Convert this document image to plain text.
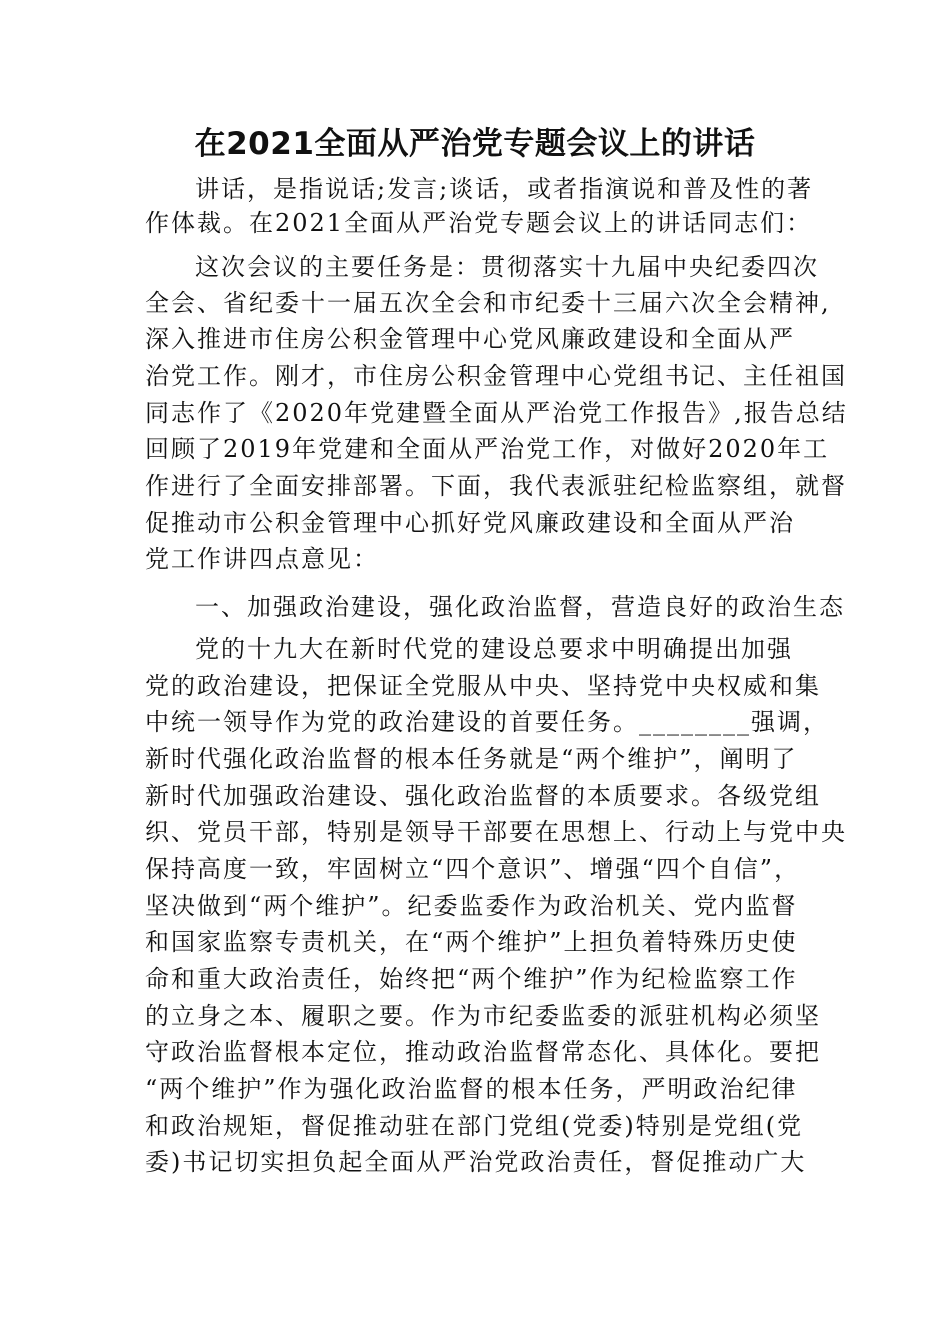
在2021全面从严治党专题会议上的讲话

讲话，是指说话;发言;谈话，或者指演说和普及性的著

作体裁。在2021全面从严治党专题会议上的讲话同志们：

这次会议的主要任务是：贯彻落实十九届中央纪委四次

全会、省纪委十一届五次全会和市纪委十三届六次全会精神,

深入推进市住房公积金管理中心党风廉政建设和全面从严

治党工作。刚才，市住房公积金管理中心党组书记、主任祖国

同志作了《2020年党建暨全面从严治党工作报告》,报告总结

回顾了2019年党建和全面从严治党工作，对做好2020年工

作进行了全面安排部署。下面，我代表派驻纪检监察组，就督

促推动市公积金管理中心抓好党风廉政建设和全面从严治

党工作讲四点意见：

一、加强政治建设，强化政治监督，营造良好的政治生态

党的十九大在新时代党的建设总要求中明确提出加强

党的政治建设，把保证全党服从中央、坚持党中央权威和集

中统一领导作为党的政治建设的首要任务。________强调，

新时代强化政治监督的根本任务就是“两个维护”，阐明了

新时代加强政治建设、强化政治监督的本质要求。各级党组

织、党员干部，特别是领导干部要在思想上、行动上与党中央

保持高度一致，牢固树立“四个意识”、增强“四个自信”，

坚决做到“两个维护”。纪委监委作为政治机关、党内监督

和国家监察专责机关，在“两个维护”上担负着特殊历史使

命和重大政治责任，始终把“两个维护”作为纪检监察工作

的立身之本、履职之要。作为市纪委监委的派驻机构必须坚

守政治监督根本定位，推动政治监督常态化、具体化。要把

“两个维护”作为强化政治监督的根本任务，严明政治纪律

和政治规矩，督促推动驻在部门党组(党委)特别是党组(党

委)书记切实担负起全面从严治党政治责任，督促推动广大
